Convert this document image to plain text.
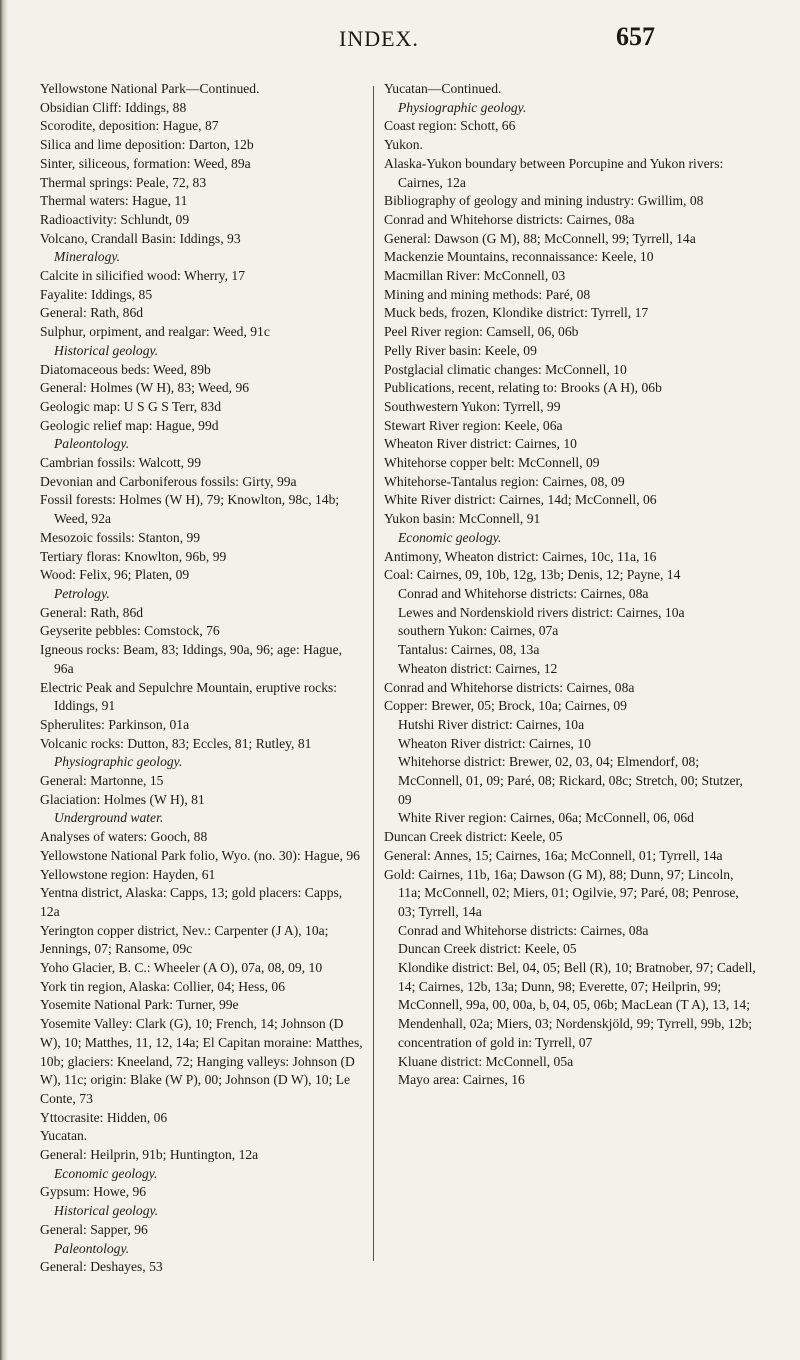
INDEX.	657
Yellowstone National Park—Continued.
Obsidian Cliff: Iddings, 88
Scorodite, deposition: Hague, 87
Silica and lime deposition: Darton, 12b
Sinter, siliceous, formation: Weed, 89a
Thermal springs: Peale, 72, 83
Thermal waters: Hague, 11
Radioactivity: Schlundt, 09
Volcano, Crandall Basin: Iddings, 93
Mineralogy.
Calcite in silicified wood: Wherry, 17
Fayalite: Iddings, 85
General: Rath, 86d
Sulphur, orpiment, and realgar: Weed, 91c
Historical geology.
Diatomaceous beds: Weed, 89b
General: Holmes (W H), 83; Weed, 96
Geologic map: U S G S Terr, 83d
Geologic relief map: Hague, 99d
Paleontology.
Cambrian fossils: Walcott, 99
Devonian and Carboniferous fossils: Girty, 99a
Fossil forests: Holmes (W H), 79; Knowlton, 98c, 14b; Weed, 92a
Mesozoic fossils: Stanton, 99
Tertiary floras: Knowlton, 96b, 99
Wood: Felix, 96; Platen, 09
Petrology.
General: Rath, 86d
Geyserite pebbles: Comstock, 76
Igneous rocks: Beam, 83; Iddings, 90a, 96; age: Hague, 96a
Electric Peak and Sepulchre Mountain, eruptive rocks: Iddings, 91
Spherulites: Parkinson, 01a
Volcanic rocks: Dutton, 83; Eccles, 81; Rutley, 81
Physiographic geology.
General: Martonne, 15
Glaciation: Holmes (W H), 81
Underground water.
Analyses of waters: Gooch, 88
Yellowstone National Park folio, Wyo. (no. 30): Hague, 96
Yellowstone region: Hayden, 61
Yentna district, Alaska: Capps, 13; gold placers: Capps, 12a
Yerington copper district, Nev.: Carpenter (J A), 10a; Jennings, 07; Ransome, 09c
Yoho Glacier, B. C.: Wheeler (A O), 07a, 08, 09, 10
York tin region, Alaska: Collier, 04; Hess, 06
Yosemite National Park: Turner, 99e
Yosemite Valley: Clark (G), 10; French, 14; Johnson (D W), 10; Matthes, 11, 12, 14a; El Capitan moraine: Matthes, 10b; glaciers: Kneeland, 72; Hanging valleys: Johnson (D W), 11c; origin: Blake (W P), 00; Johnson (D W), 10; Le Conte, 73
Yttocrasite: Hidden, 06
Yucatan.
General: Heilprin, 91b; Huntington, 12a
Economic geology.
Gypsum: Howe, 96
Historical geology.
General: Sapper, 96
Paleontology.
General: Deshayes, 53
Yucatan—Continued.
Physiographic geology.
Coast region: Schott, 66
Yukon.
Alaska-Yukon boundary between Porcupine and Yukon rivers: Cairnes, 12a
Bibliography of geology and mining industry: Gwillim, 08
Conrad and Whitehorse districts: Cairnes, 08a
General: Dawson (G M), 88; McConnell, 99; Tyrrell, 14a
Mackenzie Mountains, reconnaissance: Keele, 10
Macmillan River: McConnell, 03
Mining and mining methods: Paré, 08
Muck beds, frozen, Klondike district: Tyrrell, 17
Peel River region: Camsell, 06, 06b
Pelly River basin: Keele, 09
Postglacial climatic changes: McConnell, 10
Publications, recent, relating to: Brooks (A H), 06b
Southwestern Yukon: Tyrrell, 99
Stewart River region: Keele, 06a
Wheaton River district: Cairnes, 10
Whitehorse copper belt: McConnell, 09
Whitehorse-Tantalus region: Cairnes, 08, 09
White River district: Cairnes, 14d; McConnell, 06
Yukon basin: McConnell, 91
Economic geology.
Antimony, Wheaton district: Cairnes, 10c, 11a, 16
Coal: Cairnes, 09, 10b, 12g, 13b; Denis, 12; Payne, 14
Conrad and Whitehorse districts: Cairnes, 08a
Lewes and Nordenskiold rivers district: Cairnes, 10a
southern Yukon: Cairnes, 07a
Tantalus: Cairnes, 08, 13a
Wheaton district: Cairnes, 12
Conrad and Whitehorse districts: Cairnes, 08a
Copper: Brewer, 05; Brock, 10a; Cairnes, 09
Hutshi River district: Cairnes, 10a
Wheaton River district: Cairnes, 10
Whitehorse district: Brewer, 02, 03, 04; Elmendorf, 08; McConnell, 01, 09; Paré, 08; Rickard, 08c; Stretch, 00; Stutzer, 09
White River region: Cairnes, 06a; McConnell, 06, 06d
Duncan Creek district: Keele, 05
General: Annes, 15; Cairnes, 16a; McConnell, 01; Tyrrell, 14a
Gold: Cairnes, 11b, 16a; Dawson (G M), 88; Dunn, 97; Lincoln, 11a; McConnell, 02; Miers, 01; Ogilvie, 97; Paré, 08; Penrose, 03; Tyrrell, 14a
Conrad and Whitehorse districts: Cairnes, 08a
Duncan Creek district: Keele, 05
Klondike district: Bel, 04, 05; Bell (R), 10; Bratnober, 97; Cadell, 14; Cairnes, 12b, 13a; Dunn, 98; Everette, 07; Heilprin, 99; McConnell, 99a, 00, 00a, b, 04, 05, 06b; MacLean (T A), 13, 14; Mendenhall, 02a; Miers, 03; Nordenskjöld, 99; Tyrrell, 99b, 12b; concentration of gold in: Tyrrell, 07
Kluane district: McConnell, 05a
Mayo area: Cairnes, 16
